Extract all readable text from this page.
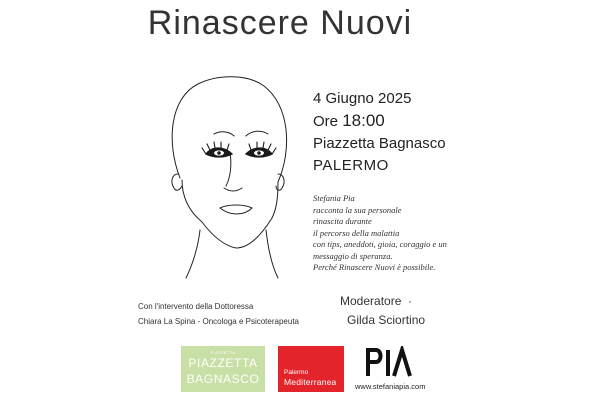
Rinascere Nuovi
4 Giugno 2025
Ore 18:00
Piazzetta Bagnasco
PALERMO
Stefania Pia
racconta la sua personale
rinascita durante
il percorso della malattia
con tips, aneddoti, gioia, coraggio e un
messaggio di speranza.
Perché Rinascere Nuovi è possibile.
Con l'intervento della Dottoressa
Chiara La Spina - Oncologa e Psicoterapeuta
Moderatore ·
Gilda Sciortino
PIAZZETTA
PIAZZETTA
BAGNASCO	Palermo
Mediterranea	www.stefaniapia.com
